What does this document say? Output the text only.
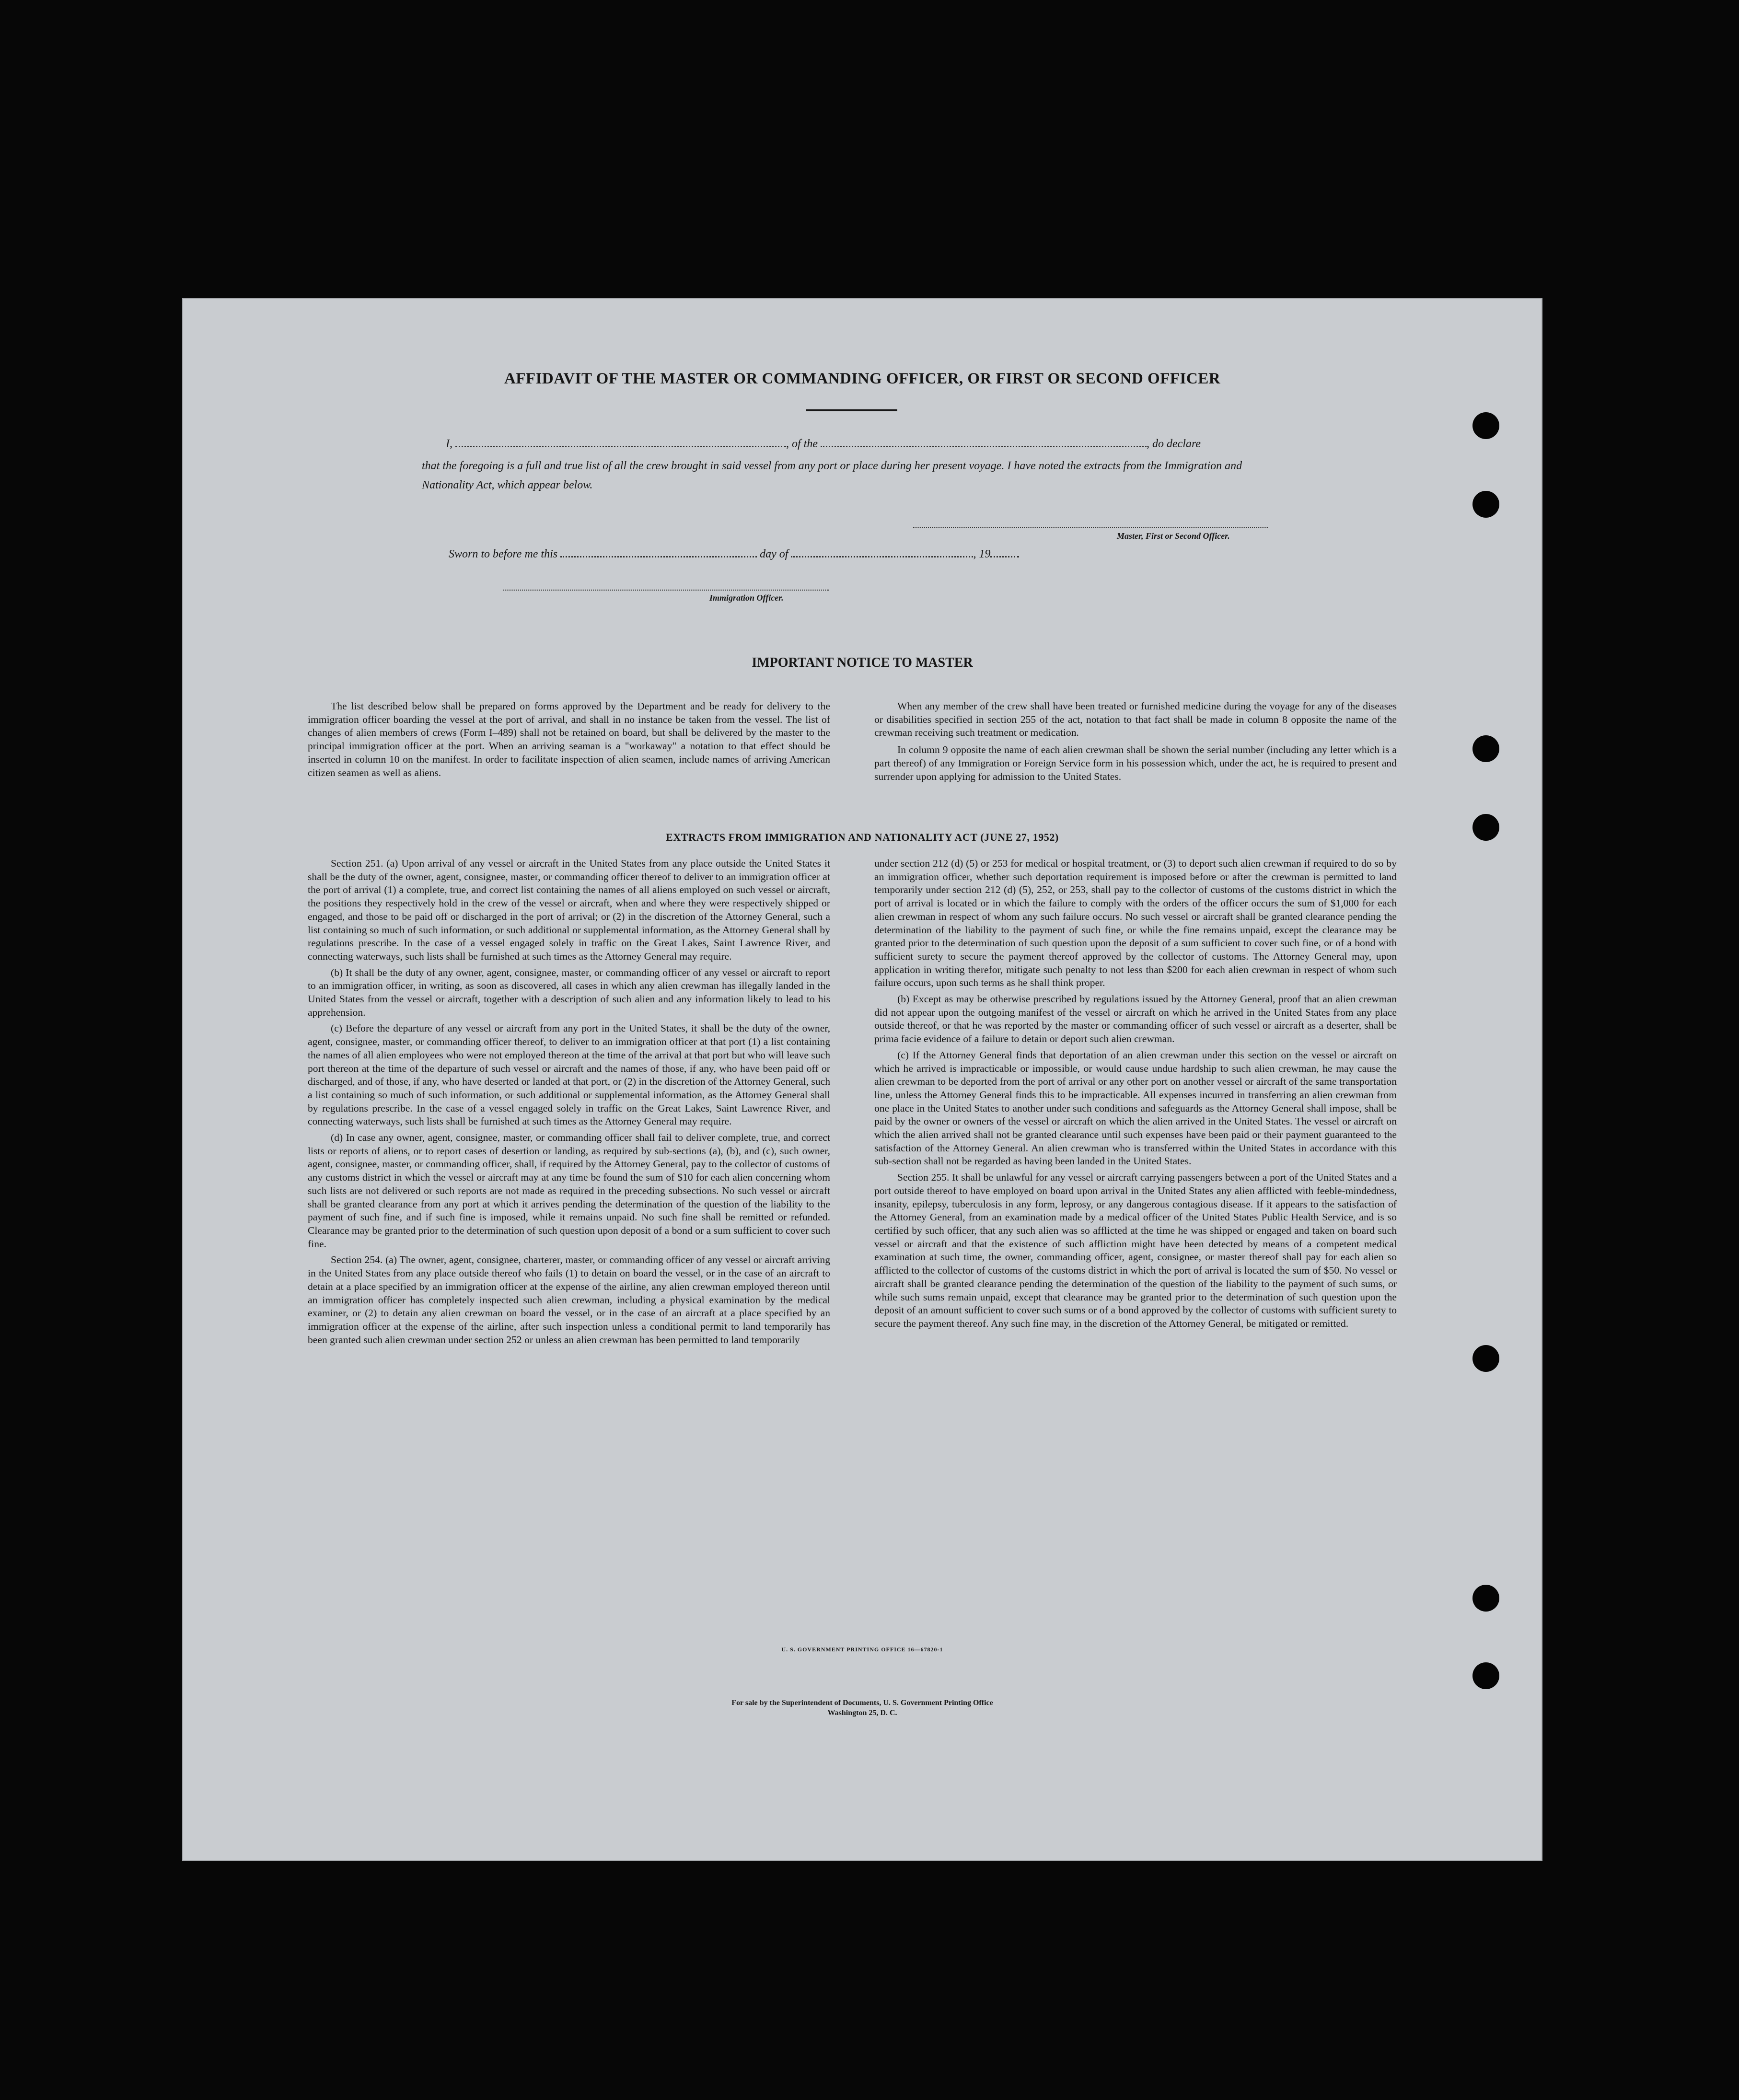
AFFIDAVIT OF THE MASTER OR COMMANDING OFFICER, OR FIRST OR SECOND OFFICER
I,	, of the	, do declare
that the foregoing is a full and true list of all the crew brought in said vessel from any port or place during her present voyage. I have noted the extracts from the Immigration and Nationality Act, which appear below.
Master, First or Second Officer.
Sworn to before me this	day of	, 19
Immigration Officer.
IMPORTANT NOTICE TO MASTER

The list described below shall be prepared on forms approved by the Department and be ready for delivery to the immigration officer boarding the vessel at the port of arrival, and shall in no instance be taken from the vessel. The list of changes of alien members of crews (Form I–489) shall not be retained on board, but shall be delivered by the master to the principal immigration officer at the port. When an arriving seaman is a "workaway" a notation to that effect should be inserted in column 10 on the manifest. In order to facilitate inspection of alien seamen, include names of arriving American citizen seamen as well as aliens.

When any member of the crew shall have been treated or furnished medicine during the voyage for any of the diseases or disabilities specified in section 255 of the act, notation to that fact shall be made in column 8 opposite the name of the crewman receiving such treatment or medication.

In column 9 opposite the name of each alien crewman shall be shown the serial number (including any letter which is a part thereof) of any Immigration or Foreign Service form in his possession which, under the act, he is required to present and surrender upon applying for admission to the United States.

EXTRACTS FROM IMMIGRATION AND NATIONALITY ACT (JUNE 27, 1952)

Section 251. (a) Upon arrival of any vessel or aircraft in the United States from any place outside the United States it shall be the duty of the owner, agent, consignee, master, or commanding officer thereof to deliver to an immigration officer at the port of arrival (1) a complete, true, and correct list containing the names of all aliens employed on such vessel or aircraft, the positions they respectively hold in the crew of the vessel or aircraft, when and where they were respectively shipped or engaged, and those to be paid off or discharged in the port of arrival; or (2) in the discretion of the Attorney General, such a list containing so much of such information, or such additional or supplemental information, as the Attorney General shall by regulations prescribe. In the case of a vessel engaged solely in traffic on the Great Lakes, Saint Lawrence River, and connecting waterways, such lists shall be furnished at such times as the Attorney General may require.

(b) It shall be the duty of any owner, agent, consignee, master, or commanding officer of any vessel or aircraft to report to an immigration officer, in writing, as soon as discovered, all cases in which any alien crewman has illegally landed in the United States from the vessel or aircraft, together with a description of such alien and any information likely to lead to his apprehension.

(c) Before the departure of any vessel or aircraft from any port in the United States, it shall be the duty of the owner, agent, consignee, master, or commanding officer thereof, to deliver to an immigration officer at that port (1) a list containing the names of all alien employees who were not employed thereon at the time of the arrival at that port but who will leave such port thereon at the time of the departure of such vessel or aircraft and the names of those, if any, who have been paid off or discharged, and of those, if any, who have deserted or landed at that port, or (2) in the discretion of the Attorney General, such a list containing so much of such information, or such additional or supplemental information, as the Attorney General shall by regulations prescribe. In the case of a vessel engaged solely in traffic on the Great Lakes, Saint Lawrence River, and connecting waterways, such lists shall be furnished at such times as the Attorney General may require.

(d) In case any owner, agent, consignee, master, or commanding officer shall fail to deliver complete, true, and correct lists or reports of aliens, or to report cases of desertion or landing, as required by sub-sections (a), (b), and (c), such owner, agent, consignee, master, or commanding officer, shall, if required by the Attorney General, pay to the collector of customs of any customs district in which the vessel or aircraft may at any time be found the sum of $10 for each alien concerning whom such lists are not delivered or such reports are not made as required in the preceding subsections. No such vessel or aircraft shall be granted clearance from any port at which it arrives pending the determination of the question of the liability to the payment of such fine, and if such fine is imposed, while it remains unpaid. No such fine shall be remitted or refunded. Clearance may be granted prior to the determination of such question upon deposit of a bond or a sum sufficient to cover such fine.

Section 254. (a) The owner, agent, consignee, charterer, master, or commanding officer of any vessel or aircraft arriving in the United States from any place outside thereof who fails (1) to detain on board the vessel, or in the case of an aircraft to detain at a place specified by an immigration officer at the expense of the airline, any alien crewman employed thereon until an immigration officer has completely inspected such alien crewman, including a physical examination by the medical examiner, or (2) to detain any alien crewman on board the vessel, or in the case of an aircraft at a place specified by an immigration officer at the expense of the airline, after such inspection unless a conditional permit to land temporarily has been granted such alien crewman under section 252 or unless an alien crewman has been permitted to land temporarily

under section 212 (d) (5) or 253 for medical or hospital treatment, or (3) to deport such alien crewman if required to do so by an immigration officer, whether such deportation requirement is imposed before or after the crewman is permitted to land temporarily under section 212 (d) (5), 252, or 253, shall pay to the collector of customs of the customs district in which the port of arrival is located or in which the failure to comply with the orders of the officer occurs the sum of $1,000 for each alien crewman in respect of whom any such failure occurs. No such vessel or aircraft shall be granted clearance pending the determination of the liability to the payment of such fine, or while the fine remains unpaid, except the clearance may be granted prior to the determination of such question upon the deposit of a sum sufficient to cover such fine, or of a bond with sufficient surety to secure the payment thereof approved by the collector of customs. The Attorney General may, upon application in writing therefor, mitigate such penalty to not less than $200 for each alien crewman in respect of whom such failure occurs, upon such terms as he shall think proper.

(b) Except as may be otherwise prescribed by regulations issued by the Attorney General, proof that an alien crewman did not appear upon the outgoing manifest of the vessel or aircraft on which he arrived in the United States from any place outside thereof, or that he was reported by the master or commanding officer of such vessel or aircraft as a deserter, shall be prima facie evidence of a failure to detain or deport such alien crewman.

(c) If the Attorney General finds that deportation of an alien crewman under this section on the vessel or aircraft on which he arrived is impracticable or impossible, or would cause undue hardship to such alien crewman, he may cause the alien crewman to be deported from the port of arrival or any other port on another vessel or aircraft of the same transportation line, unless the Attorney General finds this to be impracticable. All expenses incurred in transferring an alien crewman from one place in the United States to another under such conditions and safeguards as the Attorney General shall impose, shall be paid by the owner or owners of the vessel or aircraft on which the alien arrived in the United States. The vessel or aircraft on which the alien arrived shall not be granted clearance until such expenses have been paid or their payment guaranteed to the satisfaction of the Attorney General. An alien crewman who is transferred within the United States in accordance with this sub-section shall not be regarded as having been landed in the United States.

Section 255. It shall be unlawful for any vessel or aircraft carrying passengers between a port of the United States and a port outside thereof to have employed on board upon arrival in the United States any alien afflicted with feeble-mindedness, insanity, epilepsy, tuberculosis in any form, leprosy, or any dangerous contagious disease. If it appears to the satisfaction of the Attorney General, from an examination made by a medical officer of the United States Public Health Service, and is so certified by such officer, that any such alien was so afflicted at the time he was shipped or engaged and taken on board such vessel or aircraft and that the existence of such affliction might have been detected by means of a competent medical examination at such time, the owner, commanding officer, agent, consignee, or master thereof shall pay for each alien so afflicted to the collector of customs of the customs district in which the port of arrival is located the sum of $50. No vessel or aircraft shall be granted clearance pending the determination of the question of the liability to the payment of such sums, or while such sums remain unpaid, except that clearance may be granted prior to the determination of such question upon the deposit of an amount sufficient to cover such sums or of a bond approved by the collector of customs with sufficient surety to secure the payment thereof. Any such fine may, in the discretion of the Attorney General, be mitigated or remitted.

U. S. GOVERNMENT PRINTING OFFICE 16—67820-1
For sale by the Superintendent of Documents, U. S. Government Printing Office
Washington 25, D. C.
